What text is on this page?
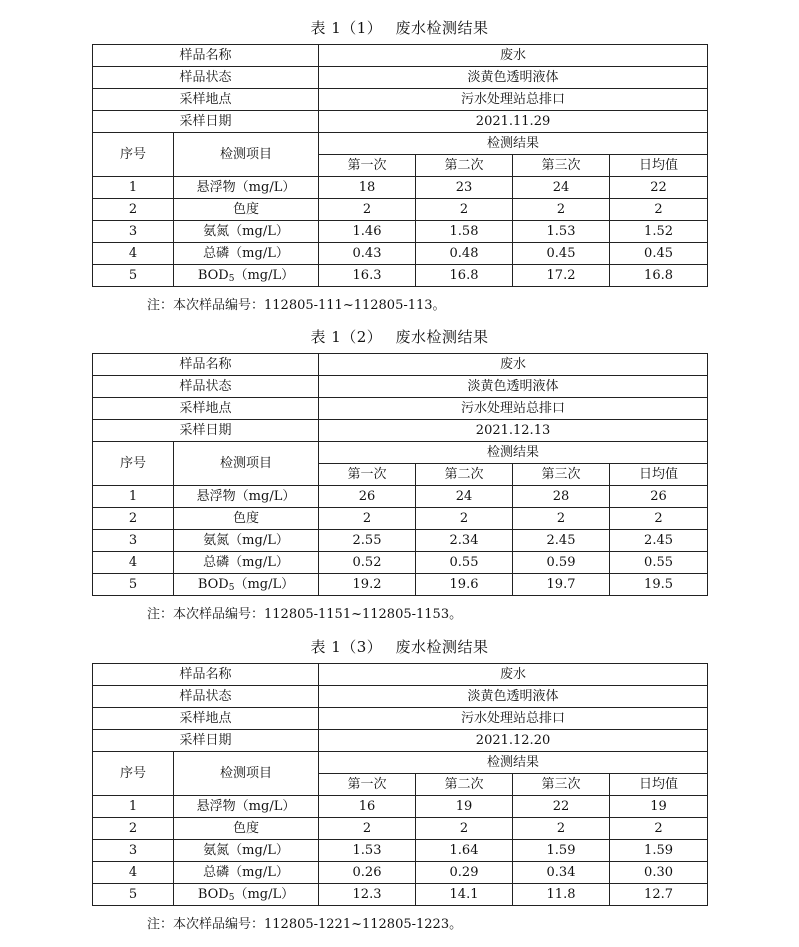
表 1（1）　 废水检测结果
样品名称		废水			
样品状态		淡黄色透明液体			
采样地点		污水处理站总排口			
采样日期		2021.11.29			
序号	检测项目	检测结果			
		第一次	第二次	第三次	日均值
1	悬浮物（mg/L）	18	23	24	22
2	色度	2	2	2	2
3	氨氮（mg/L）	1.46	1.58	1.53	1.52
4	总磷（mg/L）	0.43	0.48	0.45	0.45
5	$BOD_5(mg/L)$	16.3	16.8	17.2	16.8
注：本次样品编号：112805-111~112805-113。
表 1（2）　 废水检测结果
样品名称		废水			
样品状态		淡黄色透明液体			
采样地点		污水处理站总排口			
采样日期		2021.12.13			
序号	检测项目	检测结果			
		第一次	第二次	第三次	日均值
1	悬浮物（mg/L）	26	24	28	26
2	色度	2	2	2	2
3	氨氮（mg/L）	2.55	2.34	2.45	2.45
4	总磷（mg/L）	0.52	0.55	0.59	0.55
5	$BOD_5(mg/L)$	19.2	19.6	19.7	19.5
注：本次样品编号：112805-1151~112805-1153。
表 1（3）　 废水检测结果
样品名称		废水			
样品状态		淡黄色透明液体			
采样地点		污水处理站总排口			
采样日期		2021.12.20			
序号	检测项目	检测结果			
		第一次	第二次	第三次	日均值
1	悬浮物（mg/L）	16	19	22	19
2	色度	2	2	2	2
3	氨氮（mg/L）	1.53	1.64	1.59	1.59
4	总磷（mg/L）	0.26	0.29	0.34	0.30
5	$BOD_5(mg/L)$	12.3	14.1	11.8	12.7
注：本次样品编号：112805-1221~112805-1223。
